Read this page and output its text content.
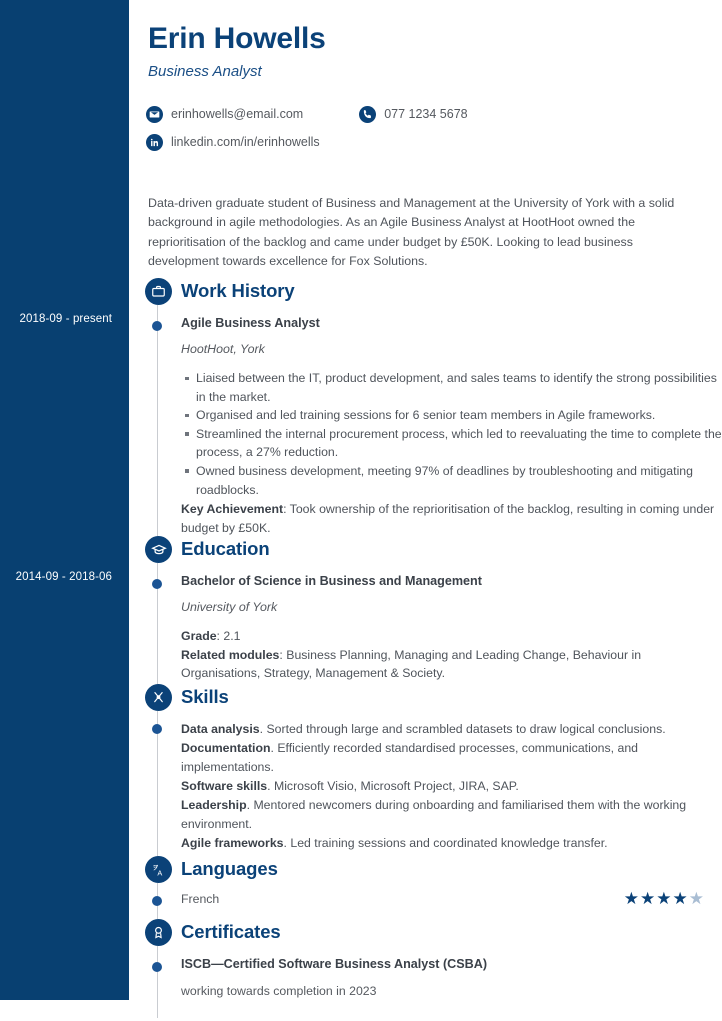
2018-09 - present
2014-09 - 2018-06
Erin Howells
Business Analyst
erinhowells@email.com	077 1234 5678
linkedin.com/in/erinhowells
Data-driven graduate student of Business and Management at the University of York with a solid background in agile methodologies. As an Agile Business Analyst at HootHoot owned the reprioritisation of the backlog and came under budget by £50K. Looking to lead business development towards excellence for Fox Solutions.
Work History

Agile Business Analyst

HootHoot, York

Liaised between the IT, product development, and sales teams to identify the strong possibilities in the market.
Organised and led training sessions for 6 senior team members in Agile frameworks.
Streamlined the internal procurement process, which led to reevaluating the time to complete the process, a 27% reduction.
Owned business development, meeting 97% of deadlines by troubleshooting and mitigating roadblocks.
Key Achievement: Took ownership of the reprioritisation of the backlog, resulting in coming under budget by £50K.
Education

Bachelor of Science in Business and Management

University of York

Grade: 2.1
Related modules: Business Planning, Managing and Leading Change, Behaviour in Organisations, Strategy, Management & Society.
Skills
Data analysis. Sorted through large and scrambled datasets to draw logical conclusions.
Documentation. Efficiently recorded standardised processes, communications, and implementations.
Software skills. Microsoft Visio, Microsoft Project, JIRA, SAP.
Leadership. Mentored newcomers during onboarding and familiarised them with the working environment.
Agile frameworks. Led training sessions and coordinated knowledge transfer.
ヲ
A Languages
French	★★★★★
Certificates

ISCB—Certified Software Business Analyst (CSBA)

working towards completion in 2023
